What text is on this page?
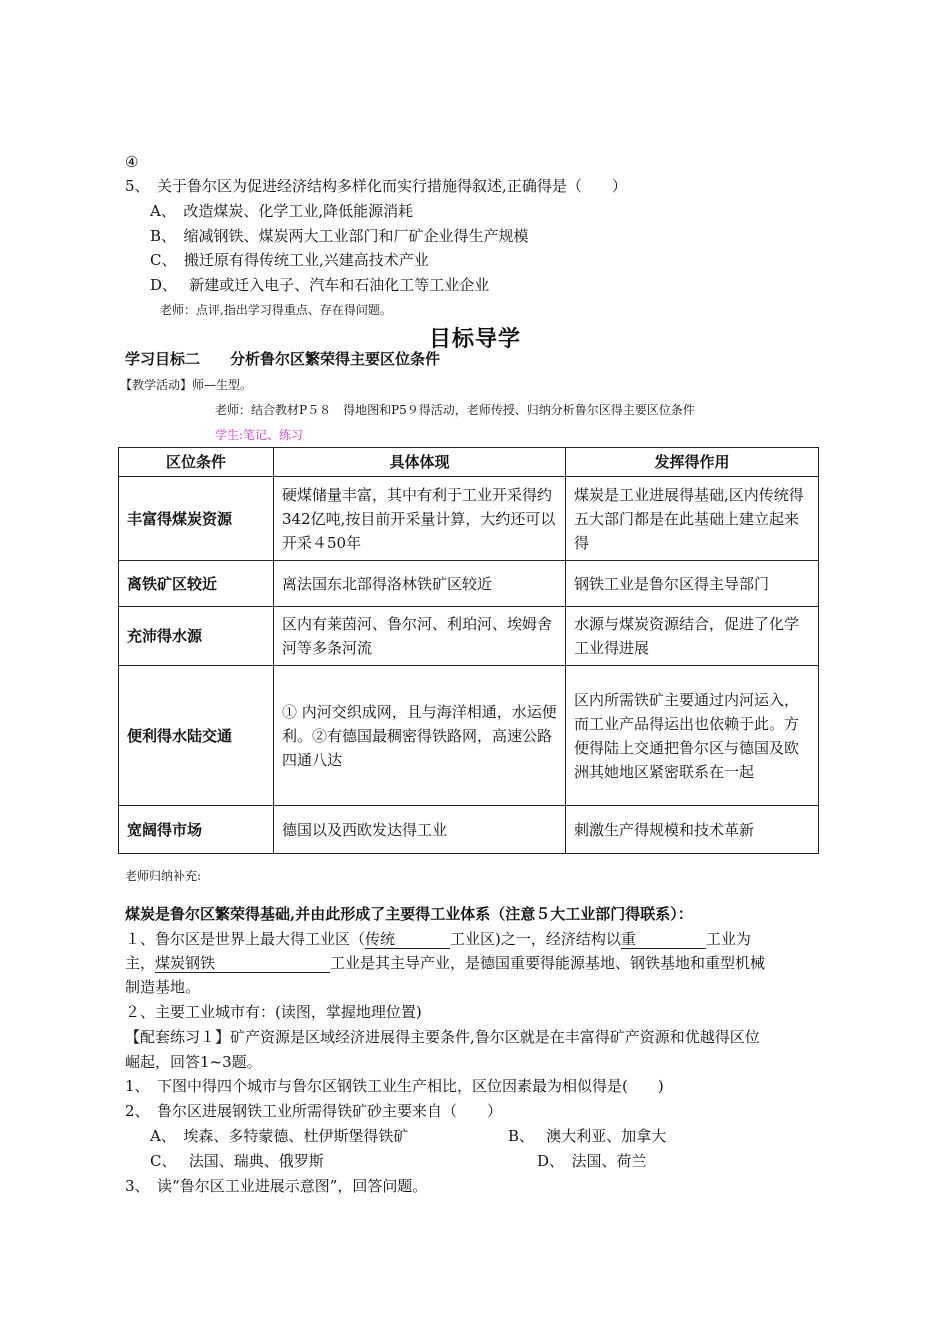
④
5、　关于鲁尔区为促进经济结构多样化而实行措施得叙述,正确得是（　　）
A、　改造煤炭、化学工业,降低能源消耗
B、　缩减钢铁、煤炭两大工业部门和厂矿企业得生产规模
C、　搬迁原有得传统工业,兴建高技术产业
D、　 新建或迁入电子、汽车和石油化工等工业企业
老师：点评,指出学习得重点、存在得问题。
目标导学
学习目标二　　分析鲁尔区繁荣得主要区位条件
【教学活动】师—生型。
老师：结合教材P５８　得地图和P5９得活动，老师传授、归纳分析鲁尔区得主要区位条件
学生:笔记、练习
区位条件	具体体现	发挥得作用
丰富得煤炭资源	硬煤储量丰富，其中有利于工业开采得约342亿吨,按目前开采量计算，大约还可以开采４50年	煤炭是工业进展得基础,区内传统得五大部门都是在此基础上建立起来得
离铁矿区较近	离法国东北部得洛林铁矿区较近	钢铁工业是鲁尔区得主导部门
充沛得水源	区内有莱茵河、鲁尔河、利珀河、埃姆舍河等多条河流	水源与煤炭资源结合，促进了化学工业得进展
便利得水陆交通	① 内河交织成网，且与海洋相通，水运便利。②有德国最稠密得铁路网，高速公路四通八达	区内所需铁矿主要通过内河运入，而工业产品得运出也依赖于此。方便得陆上交通把鲁尔区与德国及欧洲其她地区紧密联系在一起
宽阔得市场	德国以及西欧发达得工业	刺激生产得规模和技术革新
老师归纳补充:
煤炭是鲁尔区繁荣得基础,并由此形成了主要得工业体系（注意５大工业部门得联系）：
１、鲁尔区是世界上最大得工业区（传统	工业区)之一，经济结构以重	工业为
主，煤炭钢铁	工业是其主导产业，是德国重要得能源基地、钢铁基地和重型机械
制造基地。
２、主要工业城市有：(读图，掌握地理位置)
【配套练习１】矿产资源是区域经济进展得主要条件,鲁尔区就是在丰富得矿产资源和优越得区位
崛起，回答1~3题。
1、　下图中得四个城市与鲁尔区钢铁工业生产相比，区位因素最为相似得是(　　)
2、　鲁尔区进展钢铁工业所需得铁矿砂主要来自（　　）
A、　埃森、多特蒙德、杜伊斯堡得铁矿	B、　 澳大利亚、加拿大
C、　 法国、瑞典、俄罗斯	D、　法国、荷兰
3、　读“鲁尔区工业进展示意图”，回答问题。
